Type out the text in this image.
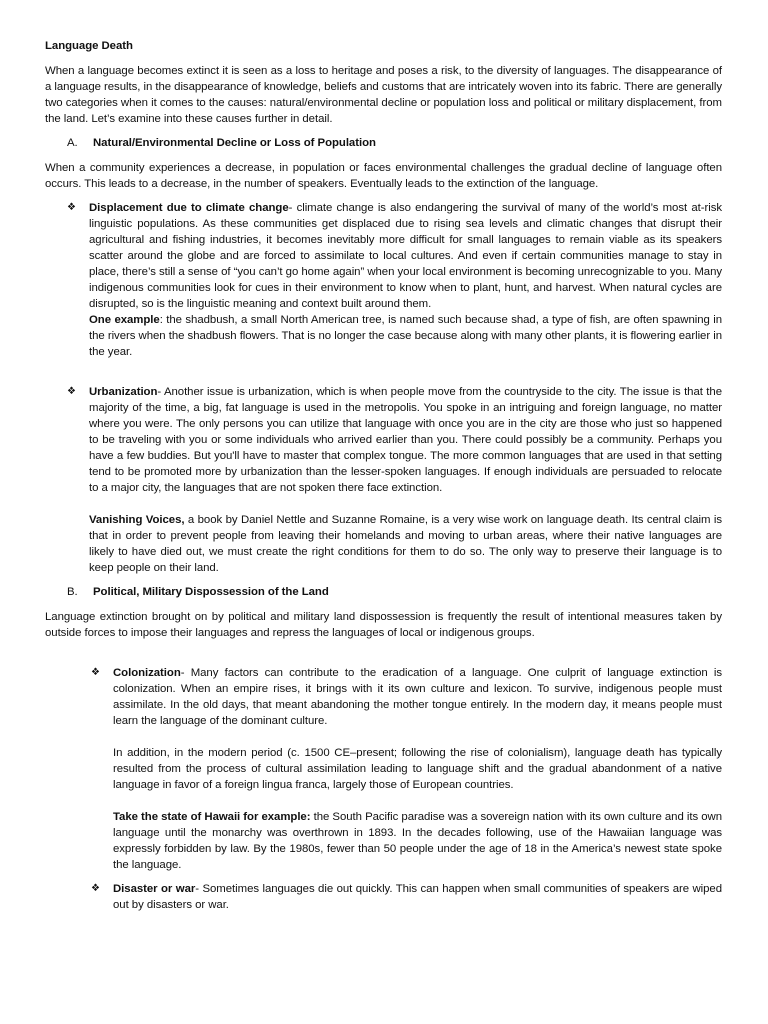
Language Death

When a language becomes extinct it is seen as a loss to heritage and poses a risk, to the diversity of languages. The disappearance of a language results, in the disappearance of knowledge, beliefs and customs that are intricately woven into its fabric. There are generally two categories when it comes to the causes: natural/environmental decline or population loss and political or military displacement, from the land. Let’s examine into these causes further in detail.

A.	Natural/Environmental Decline or Loss of Population

When a community experiences a decrease, in population or faces environmental challenges the gradual decline of language often occurs. This leads to a decrease, in the number of speakers. Eventually leads to the extinction of the language.

❖	Displacement due to climate change- climate change is also endangering the survival of many of the world’s most at-risk linguistic populations. As these communities get displaced due to rising sea levels and climatic changes that disrupt their agricultural and fishing industries, it becomes inevitably more difficult for small languages to remain viable as its speakers scatter around the globe and are forced to assimilate to local cultures. And even if certain communities manage to stay in place, there’s still a sense of “you can’t go home again” when your local environment is becoming unrecognizable to you. Many indigenous communities look for cues in their environment to know when to plant, hunt, and harvest. When natural cycles are disrupted, so is the linguistic meaning and context built around them.

One example: the shadbush, a small North American tree, is named such because shad, a type of fish, are often spawning in the rivers when the shadbush flowers. That is no longer the case because along with many other plants, it is flowering earlier in the year.

❖	Urbanization- Another issue is urbanization, which is when people move from the countryside to the city. The issue is that the majority of the time, a big, fat language is used in the metropolis. You spoke in an intriguing and foreign language, no matter where you were. The only persons you can utilize that language with once you are in the city are those who just so happened to be traveling with you or some individuals who arrived earlier than you. There could possibly be a community. Perhaps you have a few buddies. But you'll have to master that complex tongue. The more common languages that are used in that setting tend to be promoted more by urbanization than the lesser-spoken languages. If enough individuals are persuaded to relocate to a major city, the languages that are not spoken there face extinction.

Vanishing Voices, a book by Daniel Nettle and Suzanne Romaine, is a very wise work on language death. Its central claim is that in order to prevent people from leaving their homelands and moving to urban areas, where their native languages are likely to have died out, we must create the right conditions for them to do so. The only way to preserve their language is to keep people on their land.

B.	Political, Military Dispossession of the Land

Language extinction brought on by political and military land dispossession is frequently the result of intentional measures taken by outside forces to impose their languages and repress the languages of local or indigenous groups.

❖	Colonization- Many factors can contribute to the eradication of a language. One culprit of language extinction is colonization. When an empire rises, it brings with it its own culture and lexicon. To survive, indigenous people must assimilate. In the old days, that meant abandoning the mother tongue entirely. In the modern day, it means people must learn the language of the dominant culture.

In addition, in the modern period (c. 1500 CE–present; following the rise of colonialism), language death has typically resulted from the process of cultural assimilation leading to language shift and the gradual abandonment of a native language in favor of a foreign lingua franca, largely those of European countries.

Take the state of Hawaii for example: the South Pacific paradise was a sovereign nation with its own culture and its own language until the monarchy was overthrown in 1893. In the decades following, use of the Hawaiian language was expressly forbidden by law. By the 1980s, fewer than 50 people under the age of 18 in the America’s newest state spoke the language.

❖	Disaster or war- Sometimes languages die out quickly. This can happen when small communities of speakers are wiped out by disasters or war.
